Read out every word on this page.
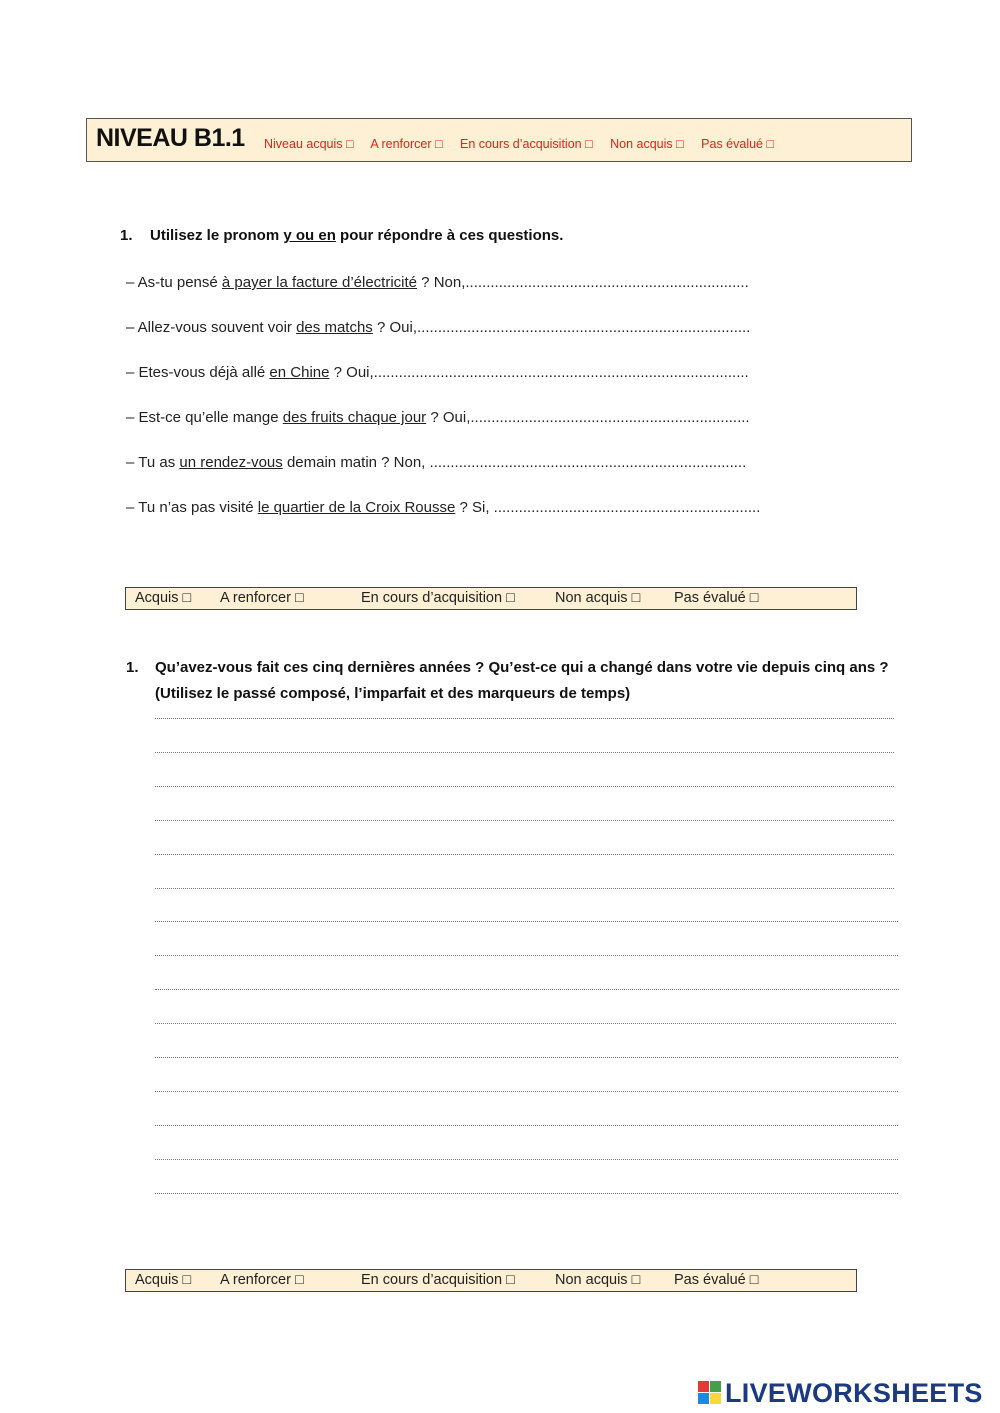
NIVEAU B1.1 Niveau acquis □ A renforcer □ En cours d’acquisition □ Non acquis □ Pas évalué □
1. Utilisez le pronom y ou en pour répondre à ces questions.
– As-tu pensé à payer la facture d’électricité ? Non,....................................................................
– Allez-vous souvent voir des matchs ? Oui,................................................................................
– Etes-vous déjà allé en Chine ? Oui,..........................................................................................
– Est-ce qu’elle mange des fruits chaque jour ? Oui,...................................................................
– Tu as un rendez-vous demain matin ? Non, ............................................................................
– Tu n’as pas visité le quartier de la Croix Rousse ? Si, ................................................................
Acquis □ A renforcer □	En cours d’acquisition □	Non acquis □ Pas évalué □
1.	Qu’avez-vous fait ces cinq dernières années ? Qu’est-ce qui a changé dans votre vie depuis cinq ans ? (Utilisez le passé composé, l’imparfait et des marqueurs de temps)
Acquis □ A renforcer □	En cours d’acquisition □	Non acquis □ Pas évalué □
LIVEWORKSHEETS
